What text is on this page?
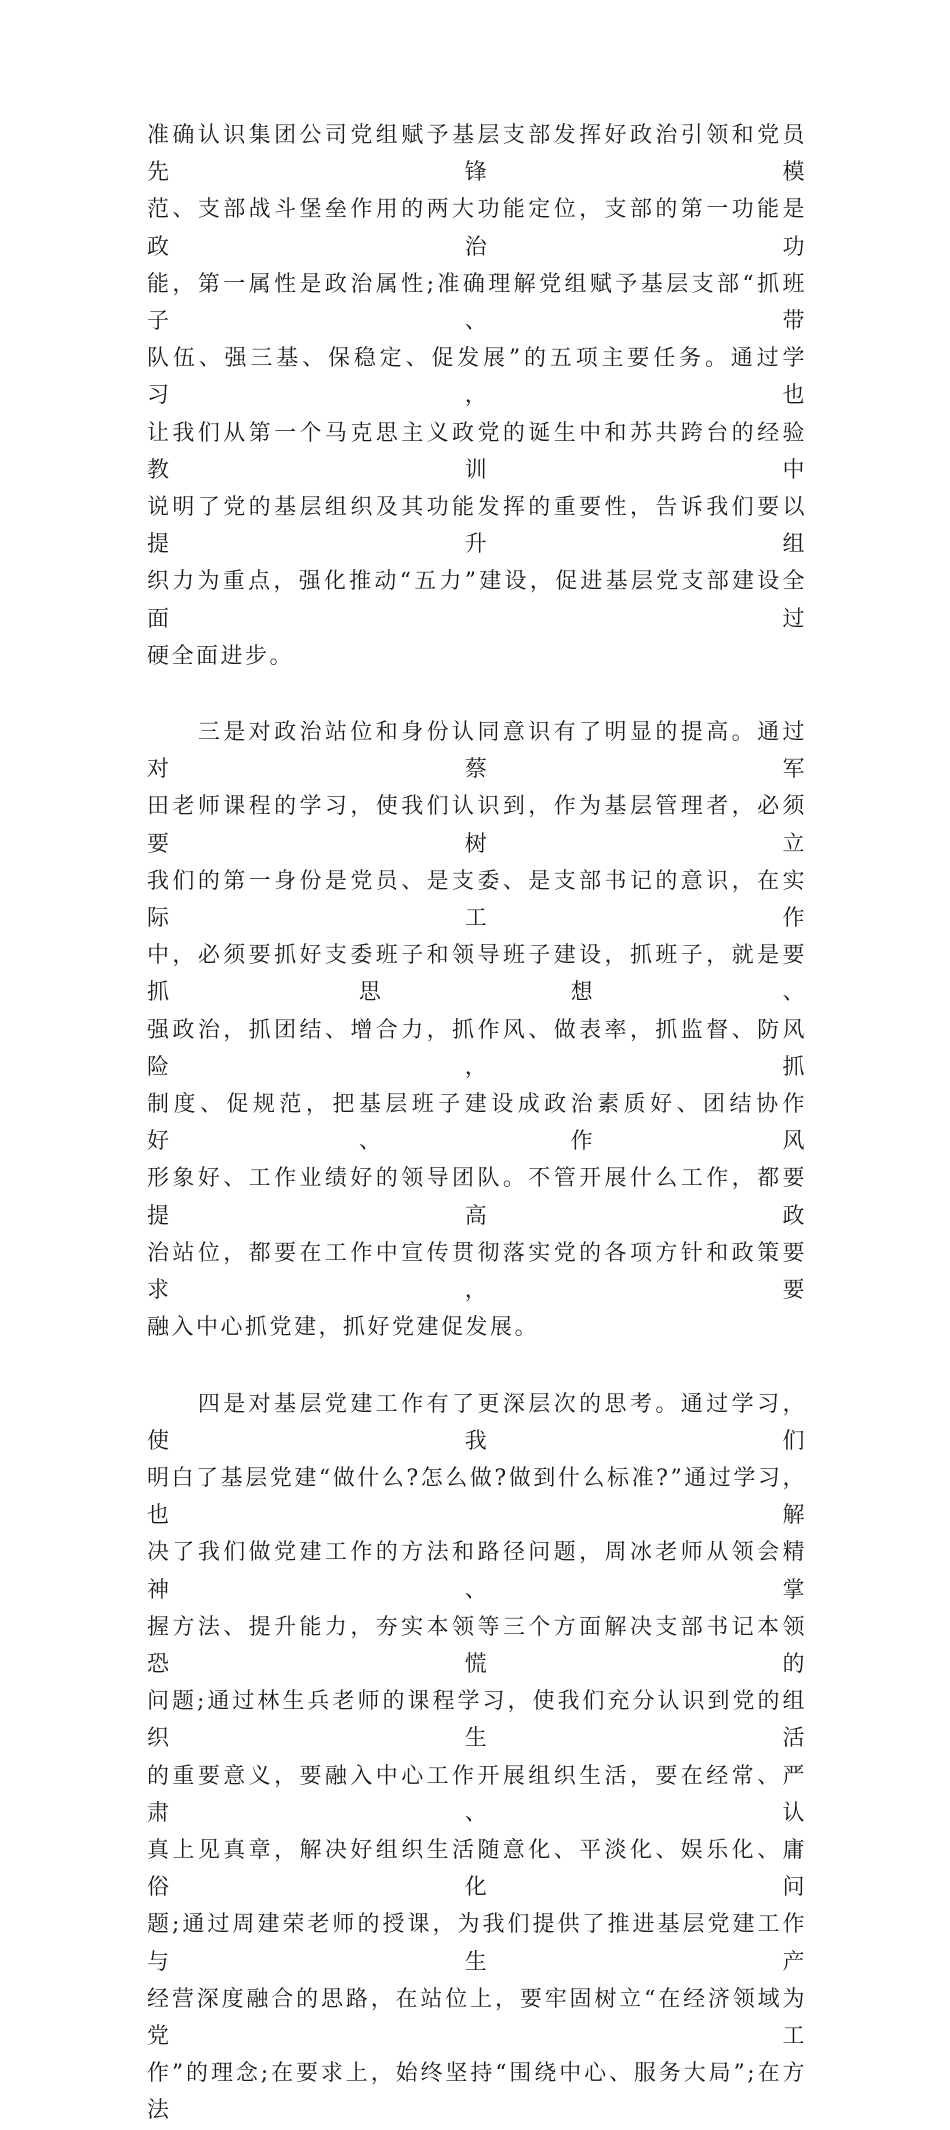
准确认识集团公司党组赋予基层支部发挥好政治引领和党员先锋模
范、支部战斗堡垒作用的两大功能定位，支部的第一功能是政治功
能，第一属性是政治属性;准确理解党组赋予基层支部“抓班子、带
队伍、强三基、保稳定、促发展”的五项主要任务。通过学习，也
让我们从第一个马克思主义政党的诞生中和苏共跨台的经验教训中
说明了党的基层组织及其功能发挥的重要性，告诉我们要以提升组
织力为重点，强化推动“五力”建设，促进基层党支部建设全面过
硬全面进步。

　　三是对政治站位和身份认同意识有了明显的提高。通过对蔡军
田老师课程的学习，使我们认识到，作为基层管理者，必须要树立
我们的第一身份是党员、是支委、是支部书记的意识，在实际工作
中，必须要抓好支委班子和领导班子建设，抓班子，就是要抓思想、
强政治，抓团结、增合力，抓作风、做表率，抓监督、防风险，抓
制度、促规范，把基层班子建设成政治素质好、团结协作好、作风
形象好、工作业绩好的领导团队。不管开展什么工作，都要提高政
治站位，都要在工作中宣传贯彻落实党的各项方针和政策要求，要
融入中心抓党建，抓好党建促发展。

　　四是对基层党建工作有了更深层次的思考。通过学习，使我们
明白了基层党建“做什么?怎么做?做到什么标准?”通过学习，也解
决了我们做党建工作的方法和路径问题，周冰老师从领会精神、掌
握方法、提升能力，夯实本领等三个方面解决支部书记本领恐慌的
问题;通过林生兵老师的课程学习，使我们充分认识到党的组织生活
的重要意义，要融入中心工作开展组织生活，要在经常、严肃、认
真上见真章，解决好组织生活随意化、平淡化、娱乐化、庸俗化问
题;通过周建荣老师的授课，为我们提供了推进基层党建工作与生产
经营深度融合的思路，在站位上，要牢固树立“在经济领域为党工
作”的理念;在要求上，始终坚持“围绕中心、服务大局”;在方法
